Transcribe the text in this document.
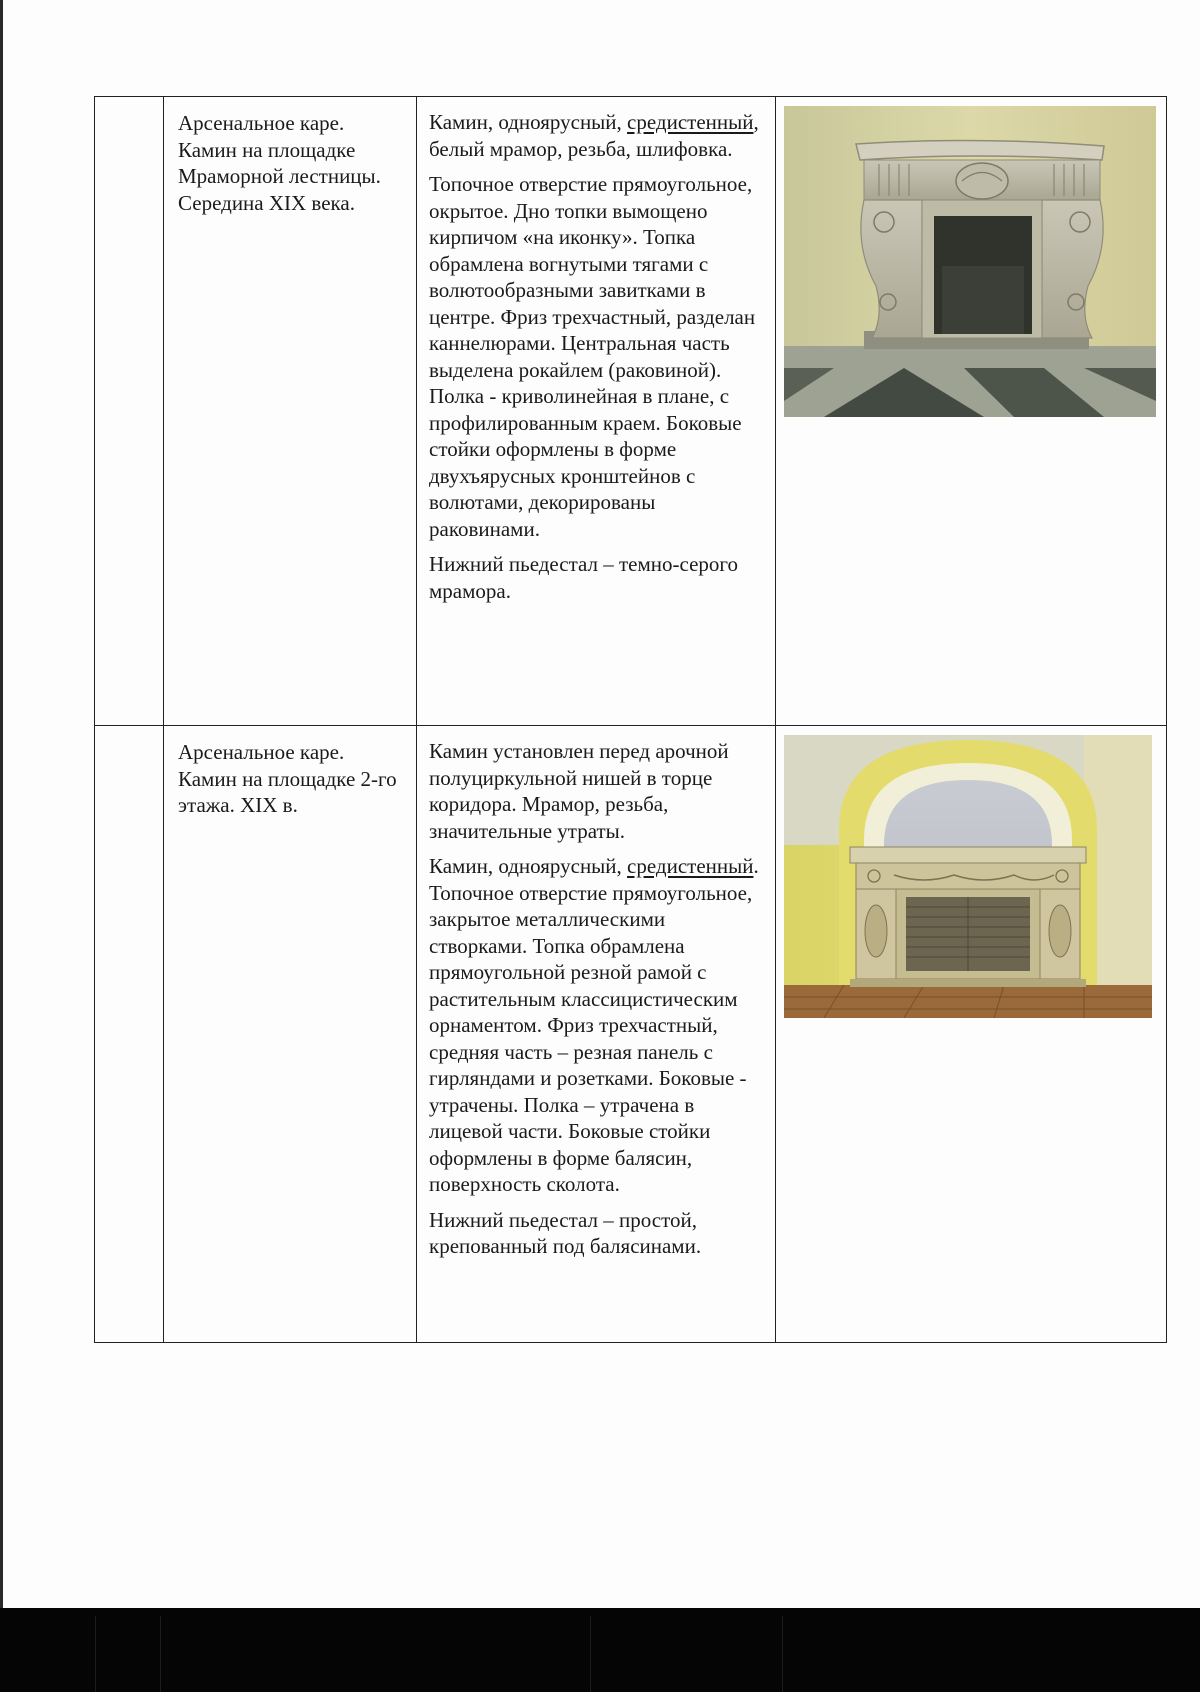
	Арсенальное каре. Камин на площадке Мраморной лестницы. Середина XIX века.	Камин, одноярусный, средистенный, белый мрамор, резьба, шлифовка.

Топочное отверстие прямоугольное, окрытое. Дно топки вымощено кирпичом «на иконку». Топка обрамлена вогнутыми тягами с волютообразными завитками в центре. Фриз трехчастный, разделан каннелюрами. Центральная часть выделена рокайлем (раковиной). Полка - криволинейная в плане, с профилированным краем. Боковые стойки оформлены в форме двухъярусных кронштейнов с волютами, декорированы раковинами.

Нижний пьедестал – темно-серого мрамора.

	Арсенальное каре. Камин на площадке 2-го этажа. XIX в.	Камин установлен перед арочной полуциркульной нишей в торце коридора. Мрамор, резьба, значительные утраты.

Камин, одноярусный, средистенный. Топочное отверстие прямоугольное, закрытое металлическими створками. Топка обрамлена прямоугольной резной рамой с растительным классицистическим орнаментом. Фриз трехчастный, средняя часть – резная панель с гирляндами и розетками. Боковые - утрачены. Полка – утрачена в лицевой части. Боковые стойки оформлены в форме балясин, поверхность сколота.

Нижний пьедестал – простой, крепованный под балясинами.
